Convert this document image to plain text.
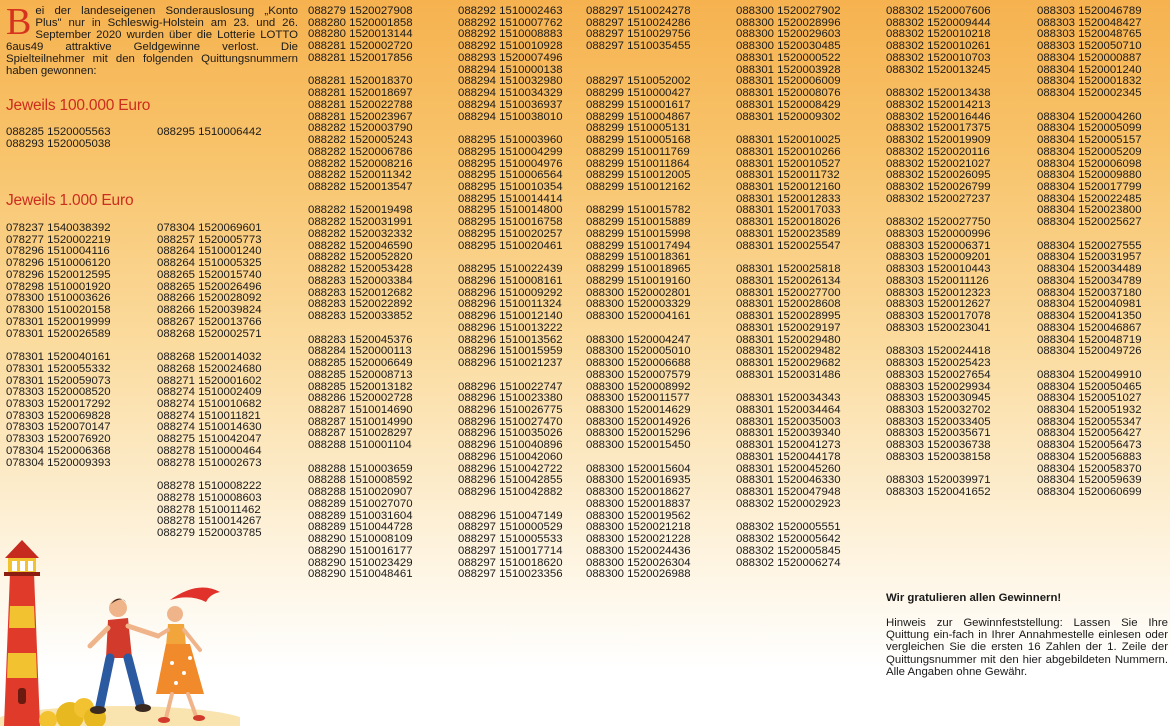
Bei der landeseigenen Sonderauslosung „Konto Plus" nur in Schleswig-Holstein am 23. und 26. September 2020 wurden über die Lotterie LOTTO 6aus49 attraktive Geldgewinne verlost. Die Spielteilnehmer mit den folgenden Quittungsnummern haben gewonnen:
Jeweils 100.000 Euro
088285 1520005563
088293 1520005038
088295 1510006442
Jeweils 1.000 Euro
078237 1540038392
078277 1520002219
078296 1510004116
078296 1510006120
078296 1520012595
078298 1510001920
078300 1510003626
078300 1510020158
078301 1520019999
078301 1520026589

078301 1520040161
078301 1520055332
078301 1520059073
078303 1520008520
078303 1520017292
078303 1520069828
078303 1520070147
078303 1520076920
078304 1520006368
078304 1520009393
078304 1520069601
088257 1520005773
088264 1510001240
088264 1510005325
088265 1520015740
088265 1520026496
088266 1520028092
088266 1520039824
088267 1520013766
088268 1520002571

088268 1520014032
088268 1520024680
088271 1520001602
088274 1510002409
088274 1510010682
088274 1510011821
088274 1510014630
088275 1510042047
088278 1510000464
088278 1510002673

088278 1510008222
088278 1510008603
088278 1510011462
088278 1510014267
088279 1520003785
088279 1520027908
088280 1520001858
088280 1520013144
088281 1520002720
088281 1520017856

088281 1520018370
088281 1520018697
088281 1520022788
088281 1520023967
088282 1520003790
088282 1520005243
088282 1520006786
088282 1520008216
088282 1520011342
088282 1520013547

088282 1520019498
088282 1520031991
088282 1520032332
088282 1520046590
088282 1520052820
088282 1520053428
088283 1520003384
088283 1520012682
088283 1520022892
088283 1520033852

088283 1520045376
088284 1520000113
088285 1520006649
088285 1520008713
088285 1520013182
088286 1520002728
088287 1510014690
088287 1510014990
088287 1510028297
088288 1510001104

088288 1510003659
088288 1510008592
088288 1510020907
088289 1510027070
088289 1510031604
088289 1510044728
088290 1510008109
088290 1510016177
088290 1510023429
088290 1510048461
088292 1510002463
088292 1510007762
088292 1510008883
088292 1510010928
088293 1520007496
088294 1510000138
088294 1510032980
088294 1510034329
088294 1510036937
088294 1510038010

088295 1510003960
088295 1510004299
088295 1510004976
088295 1510006564
088295 1510010354
088295 1510014414
088295 1510014800
088295 1510016758
088295 1510020257
088295 1510020461

088295 1510022439
088296 1510008161
088296 1510009292
088296 1510011324
088296 1510012140
088296 1510013222
088296 1510013562
088296 1510015959
088296 1510021237

088296 1510022747
088296 1510023380
088296 1510026775
088296 1510027470
088296 1510035026
088296 1510040896
088296 1510042060
088296 1510042722
088296 1510042855
088296 1510042882

088296 1510047149
088297 1510000529
088297 1510005533
088297 1510017714
088297 1510018620
088297 1510023356
088297 1510024278
088297 1510024286
088297 1510029756
088297 1510035455

088297 1510052002
088299 1510000427
088299 1510001617
088299 1510004867
088299 1510005131
088299 1510005168
088299 1510011769
088299 1510011864
088299 1510012005
088299 1510012162

088299 1510015782
088299 1510015889
088299 1510015998
088299 1510017494
088299 1510018361
088299 1510018965
088299 1510019160
088300 1520002801
088300 1520003329
088300 1520004161

088300 1520004247
088300 1520005010
088300 1520006688
088300 1520007579
088300 1520008992
088300 1520011577
088300 1520014629
088300 1520014926
088300 1520015296
088300 1520015450

088300 1520015604
088300 1520016935
088300 1520018627
088300 1520018837
088300 1520019562
088300 1520021218
088300 1520021228
088300 1520024436
088300 1520026304
088300 1520026988
088300 1520027902
088300 1520028996
088300 1520029603
088300 1520030485
088301 1520000522
088301 1520003928
088301 1520006009
088301 1520008076
088301 1520008429
088301 1520009302

088301 1520010025
088301 1520010266
088301 1520010527
088301 1520011732
088301 1520012160
088301 1520012833
088301 1520017033
088301 1520018026
088301 1520023589
088301 1520025547

088301 1520025818
088301 1520026134
088301 1520027700
088301 1520028608
088301 1520028995
088301 1520029197
088301 1520029480
088301 1520029482
088301 1520029682
088301 1520031486

088301 1520034343
088301 1520034464
088301 1520035003
088301 1520039340
088301 1520041273
088301 1520044178
088301 1520045260
088301 1520046330
088301 1520047948
088302 1520002923

088302 1520005551
088302 1520005642
088302 1520005845
088302 1520006274
088302 1520007606
088302 1520009444
088302 1520010218
088302 1520010261
088302 1520010703
088302 1520013245

088302 1520013438
088302 1520014213
088302 1520016446
088302 1520017375
088302 1520019909
088302 1520020116
088302 1520021027
088302 1520026095
088302 1520026799
088302 1520027237

088302 1520027750
088303 1520000996
088303 1520006371
088303 1520009201
088303 1520010443
088303 1520011126
088303 1520012323
088303 1520012627
088303 1520017078
088303 1520023041

088303 1520024418
088303 1520025423
088303 1520027654
088303 1520029934
088303 1520030945
088303 1520032702
088303 1520033405
088303 1520035671
088303 1520036738
088303 1520038158

088303 1520039971
088303 1520041652
088303 1520046789
088303 1520048427
088303 1520048765
088303 1520050710
088304 1520000887
088304 1520001240
088304 1520001832
088304 1520002345

088304 1520004260
088304 1520005099
088304 1520005157
088304 1520005209
088304 1520006098
088304 1520009880
088304 1520017799
088304 1520022485
088304 1520023800
088304 1520025627

088304 1520027555
088304 1520031957
088304 1520034489
088304 1520034789
088304 1520037180
088304 1520040981
088304 1520041350
088304 1520046867
088304 1520048719
088304 1520049726

088304 1520049910
088304 1520050465
088304 1520051027
088304 1520051932
088304 1520055347
088304 1520056427
088304 1520056473
088304 1520056883
088304 1520058370
088304 1520059639
088304 1520060699
Wir gratulieren allen Gewinnern!
Hinweis zur Gewinnfeststellung: Lassen Sie Ihre Quittung ein-fach in Ihrer Annahmestelle einlesen oder vergleichen Sie die ersten 16 Zahlen der 1. Zeile der Quittungsnummer mit den hier abgebildeten Nummern. Alle Angaben ohne Gewähr.
